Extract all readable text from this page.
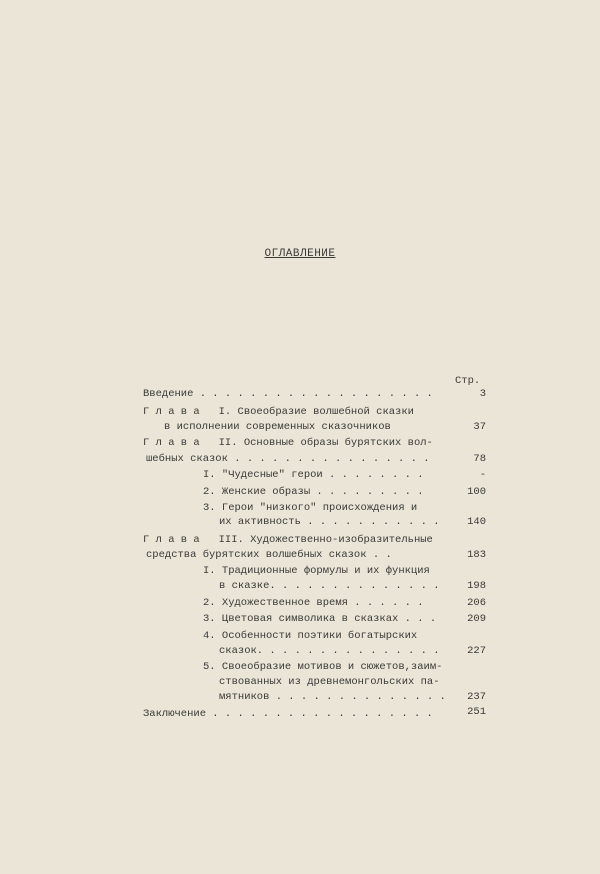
ОГЛАВЛЕНИЕ
Стр.
Введение . . . . . . . . . . . . . . . . . . .	3
Г л а в а   I. Своеобразие волшебной сказки
в исполнении современных сказочников	37
Г л а в а   II. Основные образы бурятских вол-
шебных сказок . . . . . . . . . . . . . . . .	78
I. "Чудесные" герои . . . . . . . .	-
2. Женские образы . . . . . . . . .	100
3. Герои "низкого" происхождения и
их активность . . . . . . . . . . .	140
Г л а в а   III. Художественно-изобразительные
средства бурятских волшебных сказок . .	183
I. Традиционные формулы и их функция
в сказке. . . . . . . . . . . . . .	198
2. Художественное время . . . . . .	206
3. Цветовая символика в сказках . . .	209
4. Особенности поэтики богатырских
сказок. . . . . . . . . . . . . . .	227
5. Своеобразие мотивов и сюжетов,заим-
ствованных из древнемонгольских па-
мятников . . . . . . . . . . . . . .	237
Заключение . . . . . . . . . . . . . . . . . .	251
